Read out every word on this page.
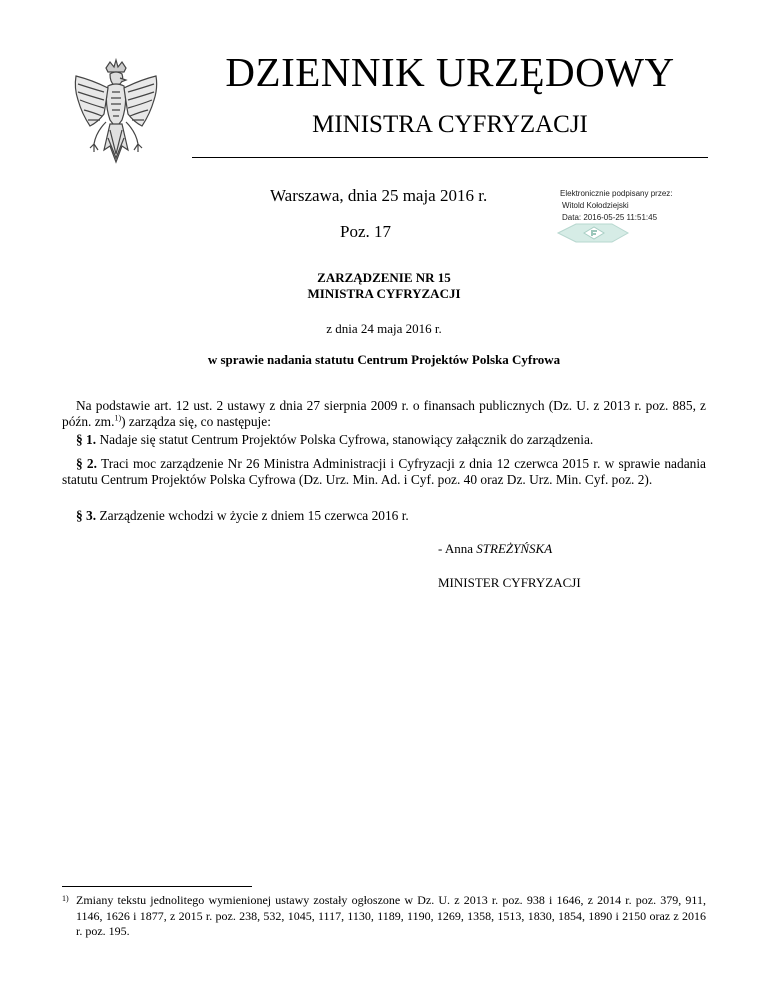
DZIENNIK URZĘDOWY
MINISTRA CYFRYZACJI
Warszawa, dnia 25 maja 2016 r.
Poz. 17
Elektronicznie podpisany przez:
Witold Kołodziejski
Data: 2016-05-25 11:51:45
ZARZĄDZENIE NR 15
MINISTRA CYFRYZACJI
z dnia 24 maja 2016 r.
w sprawie nadania statutu Centrum Projektów Polska Cyfrowa
Na podstawie art. 12 ust. 2 ustawy z dnia 27 sierpnia 2009 r. o finansach publicznych (Dz. U. z 2013 r. poz. 885, z późn. zm.$^{1)}$) zarządza się, co następuje:
§ 1. Nadaje się statut Centrum Projektów Polska Cyfrowa, stanowiący załącznik do zarządzenia.
§ 2. Traci moc zarządzenie Nr 26 Ministra Administracji i Cyfryzacji z dnia 12 czerwca 2015 r. w sprawie nadania statutu Centrum Projektów Polska Cyfrowa (Dz. Urz. Min. Ad. i Cyf. poz. 40 oraz Dz. Urz. Min. Cyf. poz. 2).
§ 3. Zarządzenie wchodzi w życie z dniem 15 czerwca 2016 r.
- Anna STREŻYŃSKA
MINISTER CYFRYZACJI
1) Zmiany tekstu jednolitego wymienionej ustawy zostały ogłoszone w Dz. U. z 2013 r. poz. 938 i 1646, z 2014 r. poz. 379, 911, 1146, 1626 i 1877, z 2015 r. poz. 238, 532, 1045, 1117, 1130, 1189, 1190, 1269, 1358, 1513, 1830, 1854, 1890 i 2150 oraz z 2016 r. poz. 195.
